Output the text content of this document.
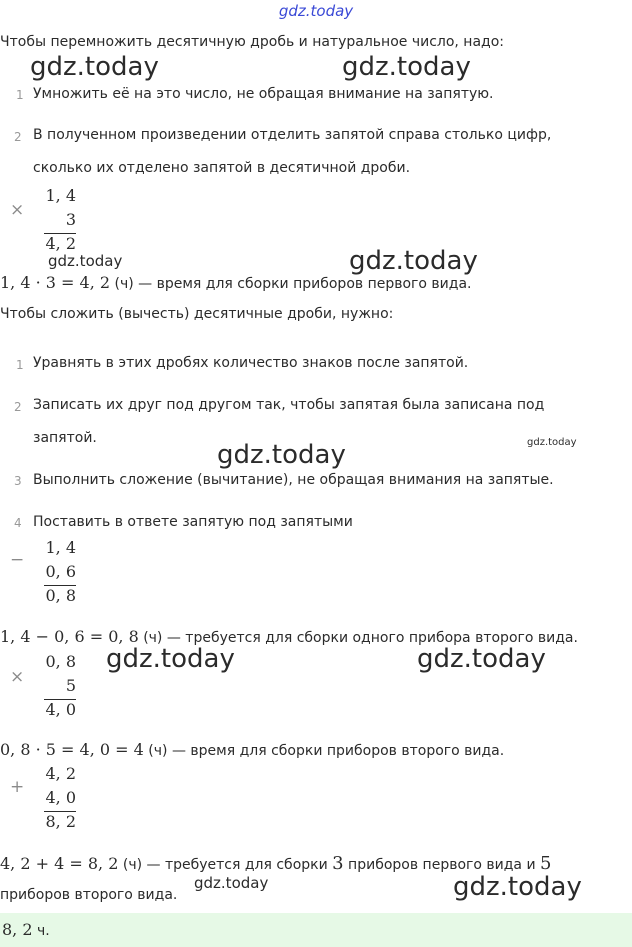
gdz.today
Чтобы перемножить десятичную дробь и натуральное число, надо:
gdz.today	gdz.today
1 Умножить её на это число, не обращая внимание на запятую.
2 В полученном произведении отделить запятой справа столько цифр,
сколько их отделено запятой в десятичной дроби.
×
1, 4
3
4, 2
gdz.today	gdz.today
1, 4 · 3 = 4, 2 (ч) — время для сборки приборов первого вида.
Чтобы сложить (вычесть) десятичные дроби, нужно:
1 Уравнять в этих дробях количество знаков после запятой.
2 Записать их друг под другом так, чтобы запятая была записана под
запятой.	gdz.today
gdz.today
3 Выполнить сложение (вычитание), не обращая внимания на запятые.
4 Поставить в ответе запятую под запятыми
−
1, 4
0, 6
0, 8
1, 4 − 0, 6 = 0, 8 (ч) — требуется для сборки одного прибора второго вида.
×
0, 8
5
4, 0
gdz.today	gdz.today
0, 8 · 5 = 4, 0 = 4 (ч) — время для сборки приборов второго вида.
+
4, 2
4, 0
8, 2
4, 2 + 4 = 8, 2 (ч) — требуется для сборки 3 приборов первого вида и 5
приборов второго вида.
gdz.today	gdz.today
8, 2 ч.
